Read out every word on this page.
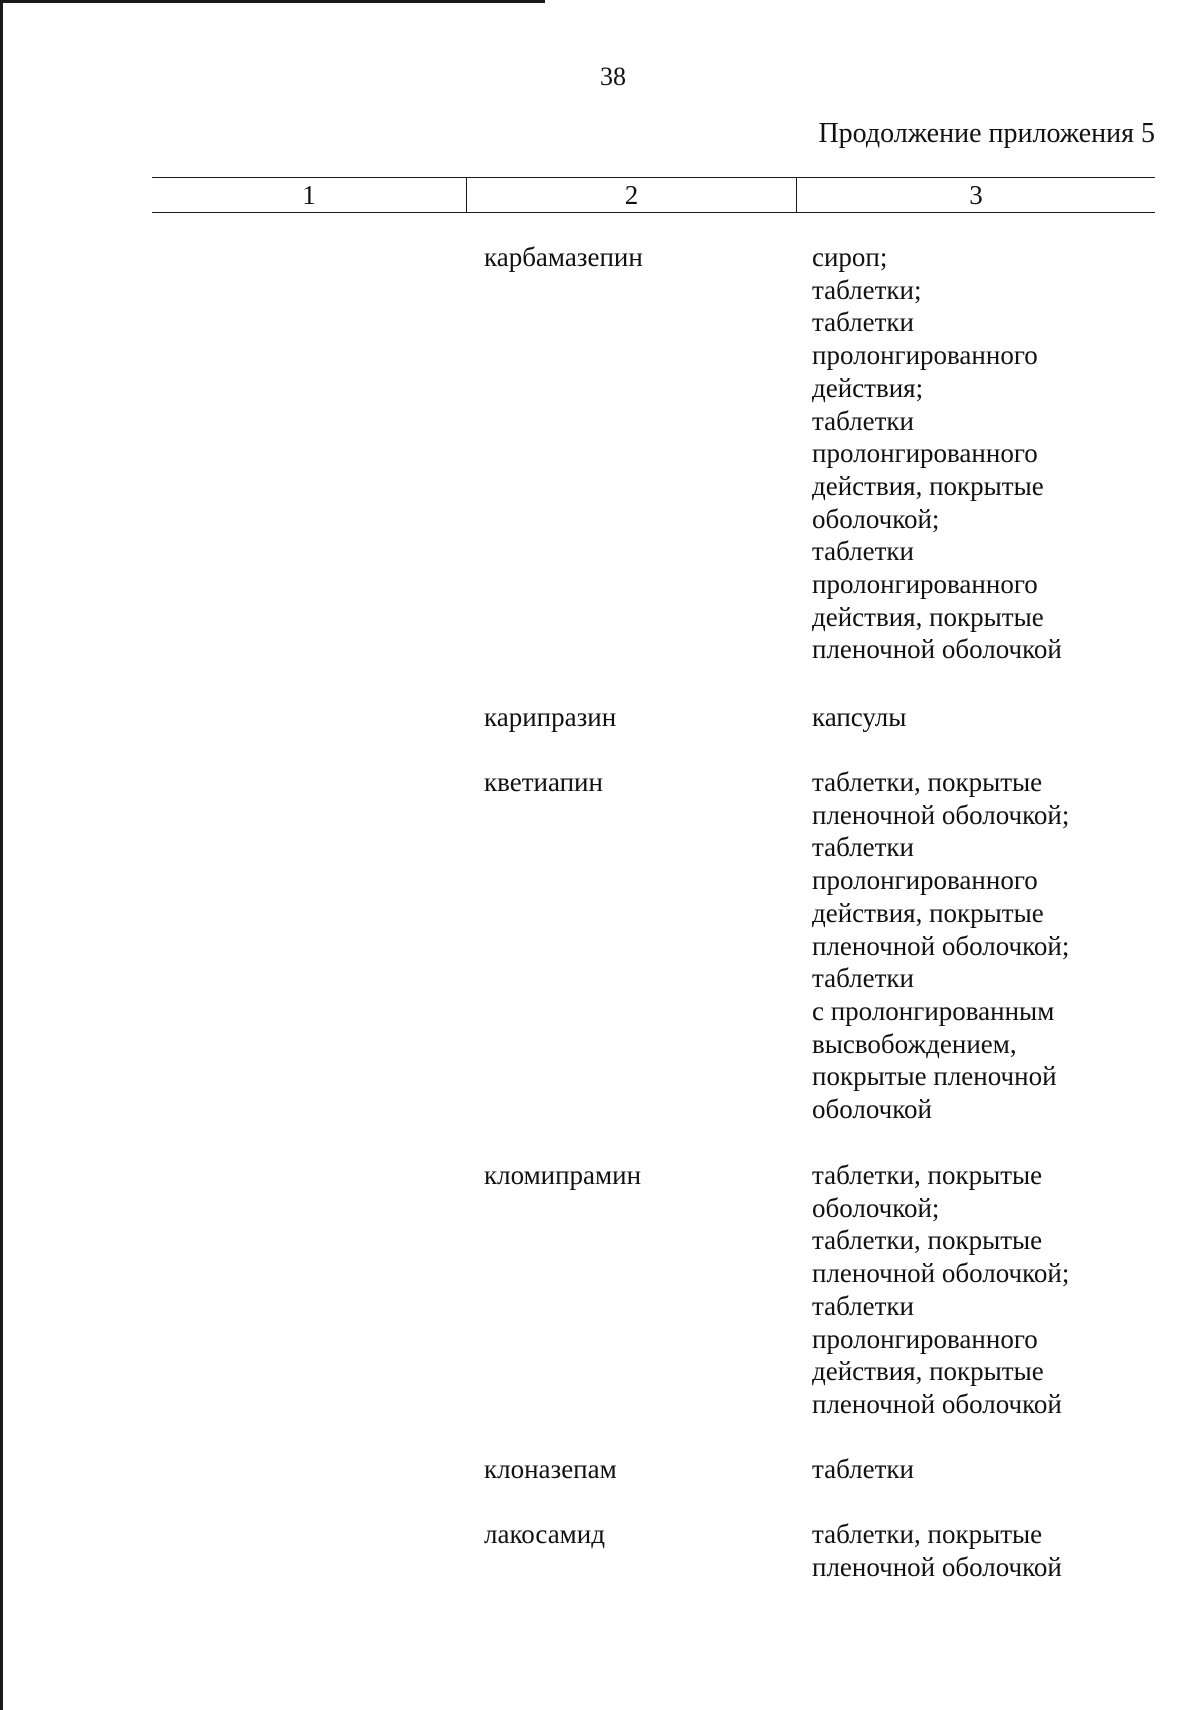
38
Продолжение приложения 5
1	2	3
карбамазепин	сироп;
таблетки;
таблетки
пролонгированного
действия;
таблетки
пролонгированного
действия, покрытые
оболочкой;
таблетки
пролонгированного
действия, покрытые
пленочной оболочкой
карипразин	капсулы
кветиапин	таблетки, покрытые
пленочной оболочкой;
таблетки
пролонгированного
действия, покрытые
пленочной оболочкой;
таблетки
с пролонгированным
высвобождением,
покрытые пленочной
оболочкой
кломипрамин	таблетки, покрытые
оболочкой;
таблетки, покрытые
пленочной оболочкой;
таблетки
пролонгированного
действия, покрытые
пленочной оболочкой
клоназепам	таблетки
лакосамид	таблетки, покрытые
пленочной оболочкой
